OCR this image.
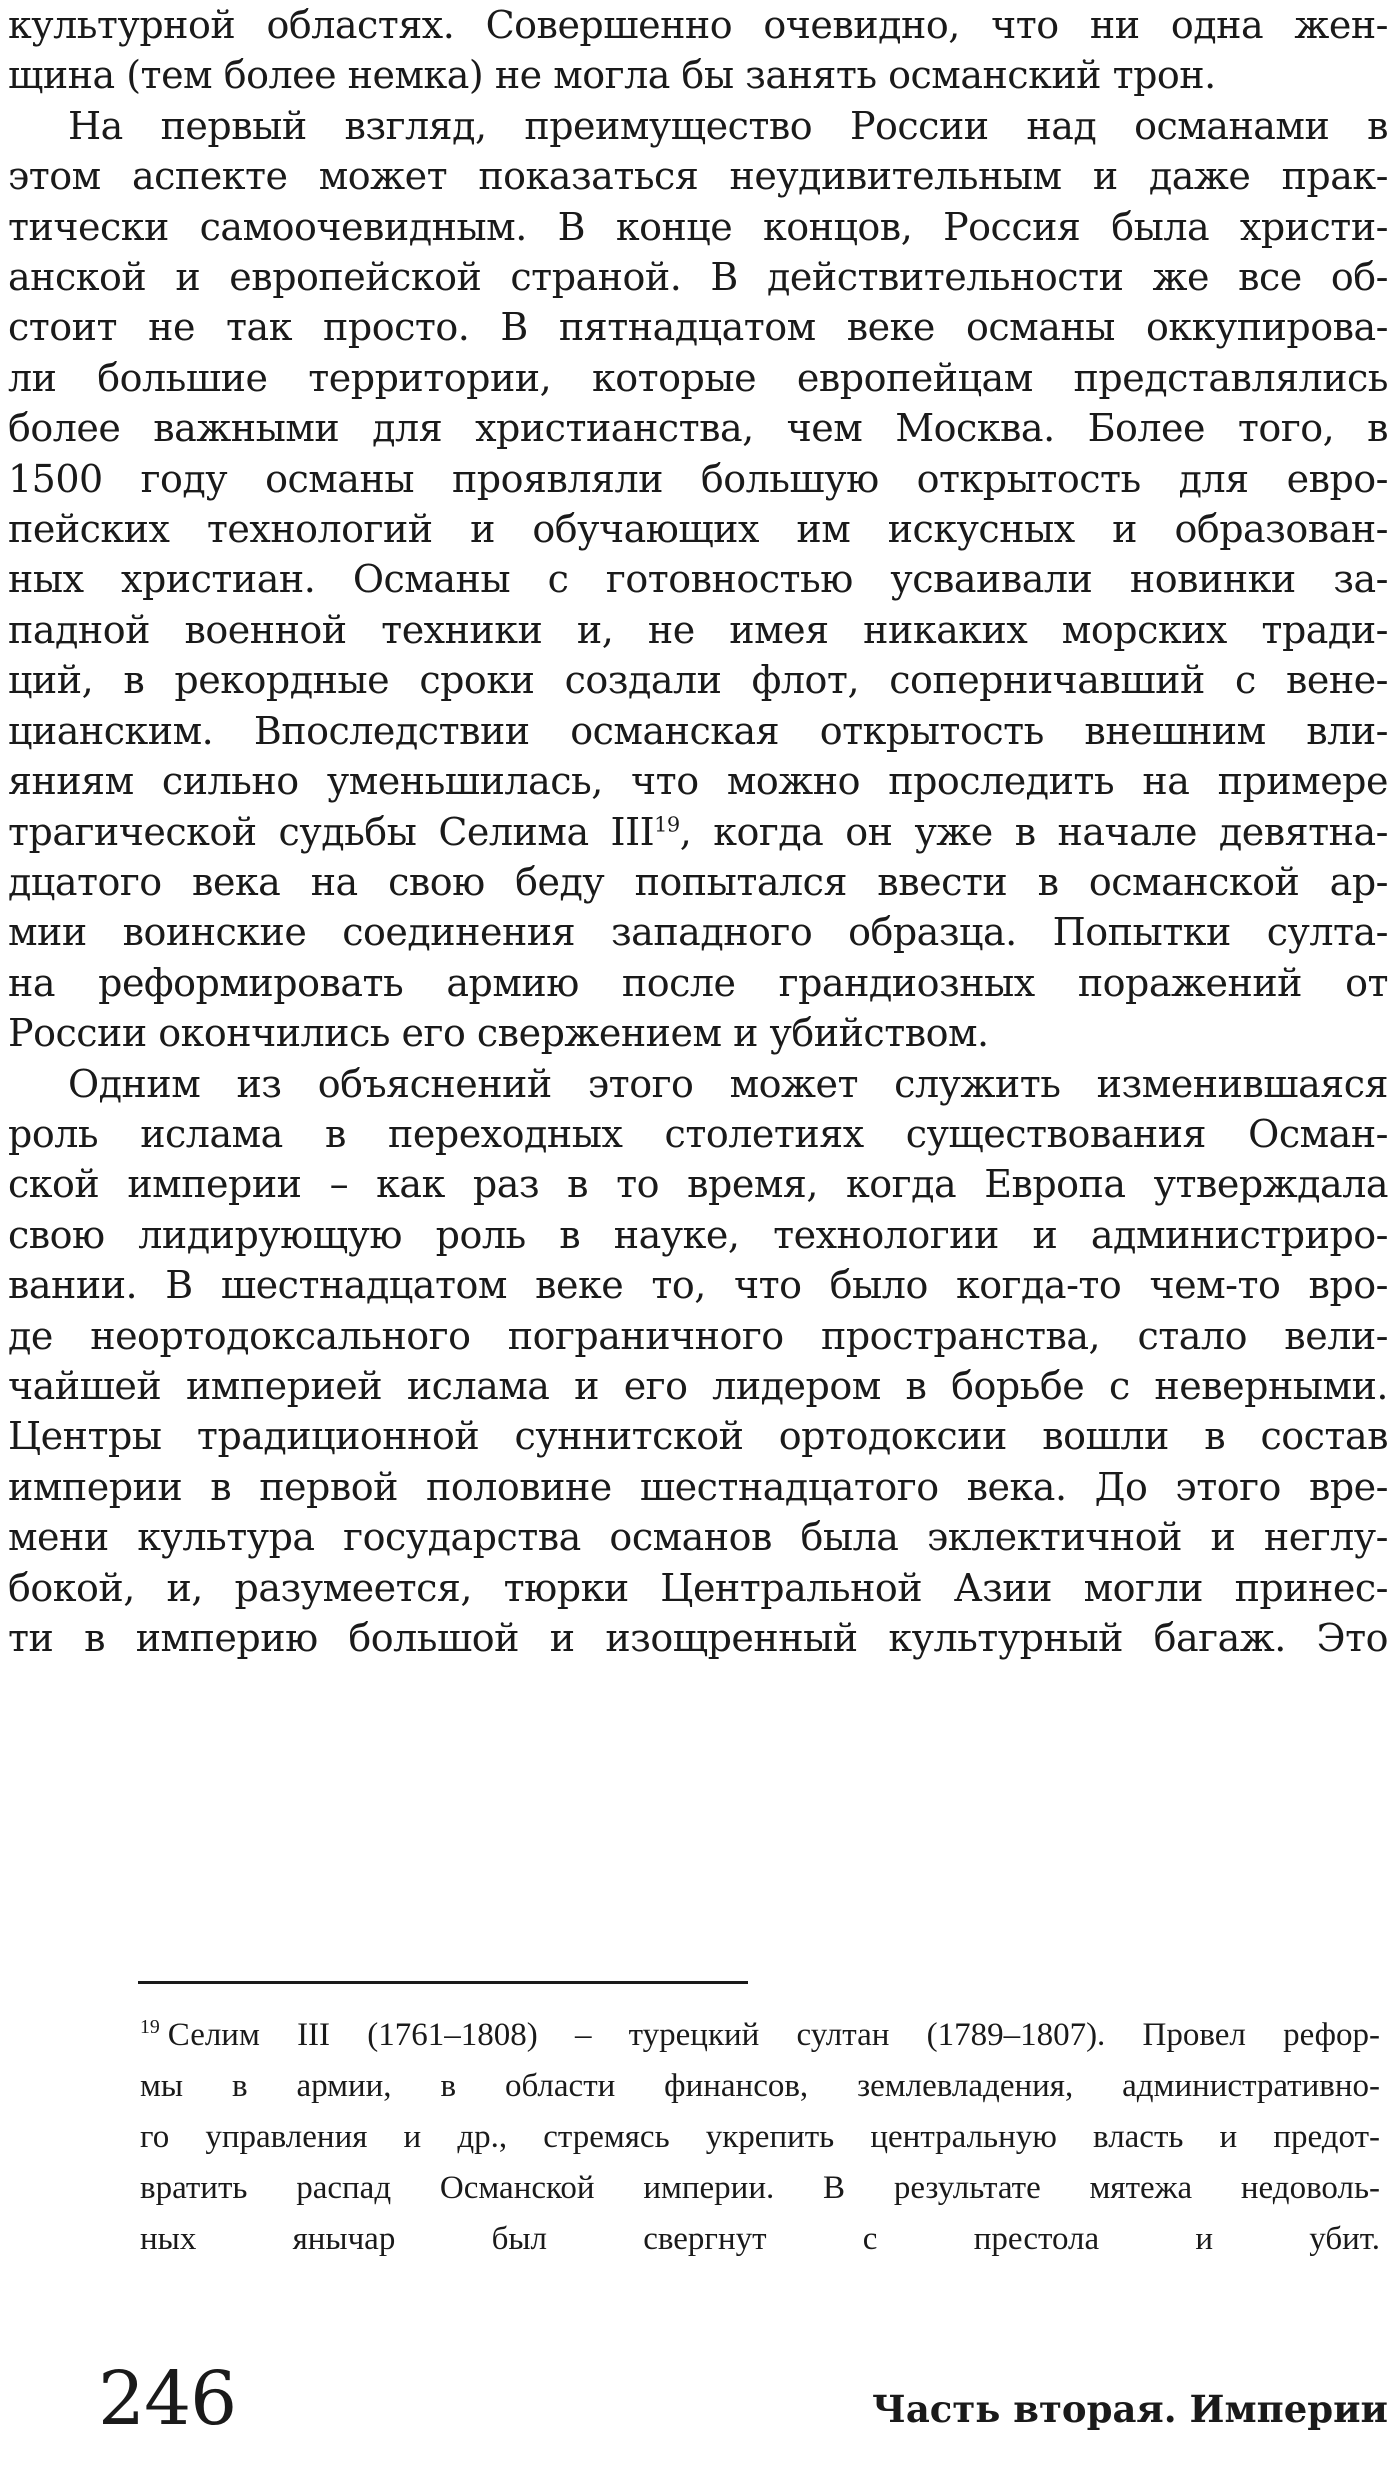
культурной областях. Совершенно очевидно, что ни одна жен-
щина (тем более немка) не могла бы занять османский трон.
На первый взгляд, преимущество России над османами в
этом аспекте может показаться неудивительным и даже прак-
тически самоочевидным. В конце концов, Россия была христи-
анской и европейской страной. В действительности же все об-
стоит не так просто. В пятнадцатом веке османы оккупирова-
ли большие территории, которые европейцам представлялись
более важными для христианства, чем Москва. Более того, в
1500 году османы проявляли большую открытость для евро-
пейских технологий и обучающих им искусных и образован-
ных христиан. Османы с готовностью усваивали новинки за-
падной военной техники и, не имея никаких морских тради-
ций, в рекордные сроки создали флот, соперничавший с вене-
цианским. Впоследствии османская открытость внешним вли-
яниям сильно уменьшилась, что можно проследить на примере
трагической судьбы Селима III$^{19}$, когда он уже в начале девятна-
дцатого века на свою беду попытался ввести в османской ар-
мии воинские соединения западного образца. Попытки султа-
на реформировать армию после грандиозных поражений от
России окончились его свержением и убийством.
Одним из объяснений этого может служить изменившаяся
роль ислама в переходных столетиях существования Осман-
ской империи – как раз в то время, когда Европа утверждала
свою лидирующую роль в науке, технологии и администриро-
вании. В шестнадцатом веке то, что было когда-то чем-то вро-
де неортодоксального пограничного пространства, стало вели-
чайшей империей ислама и его лидером в борьбе с неверными.
Центры традиционной суннитской ортодоксии вошли в состав
империи в первой половине шестнадцатого века. До этого вре-
мени культура государства османов была эклектичной и неглу-
бокой, и, разумеется, тюрки Центральной Азии могли принес-
ти в империю большой и изощренный культурный багаж. Это
$^{19}$ Селим III (1761–1808) – турецкий султан (1789–1807). Провел рефор-
мы в армии, в области финансов, землевладения, административно-
го управления и др., стремясь укрепить центральную власть и предот-
вратить распад Османской империи. В результате мятежа недоволь-
ных янычар был свергнут с престола и убит.
246	Часть вторая. Империи
